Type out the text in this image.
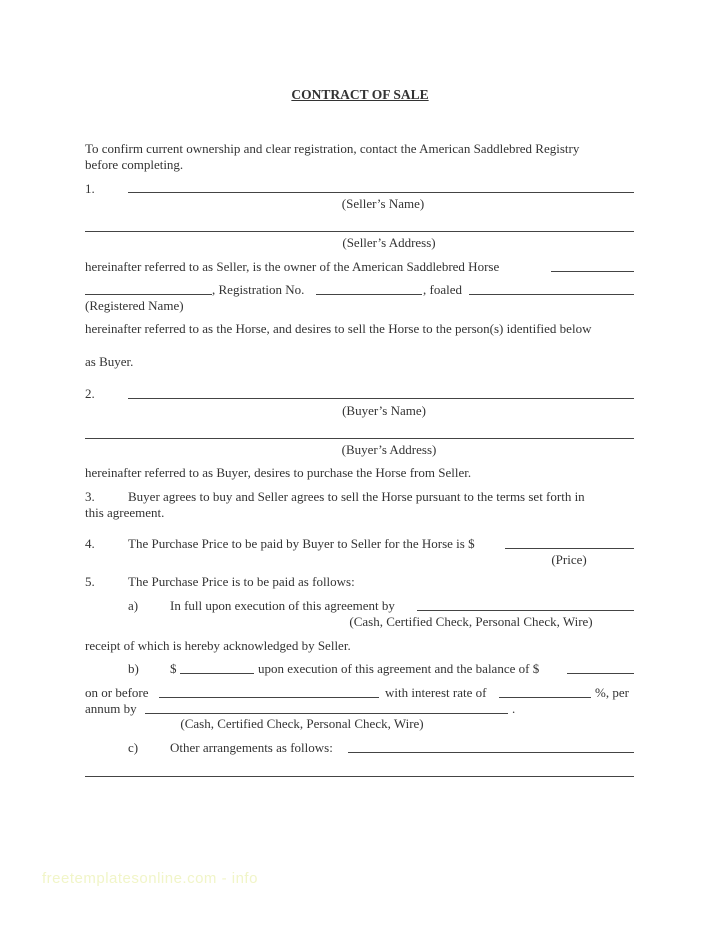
CONTRACT OF SALE
To confirm current ownership and clear registration, contact the American Saddlebred Registry
before completing.
1.
(Seller’s Name)
(Seller’s Address)
hereinafter referred to as Seller, is the owner of the American Saddlebred Horse
, Registration No.	, foaled
(Registered Name)
hereinafter referred to as the Horse, and desires to sell the Horse to the person(s) identified below
as Buyer.
2.
(Buyer’s Name)
(Buyer’s Address)
hereinafter referred to as Buyer, desires to purchase the Horse from Seller.
3.	Buyer agrees to buy and Seller agrees to sell the Horse pursuant to the terms set forth in
this agreement.
4.	The Purchase Price to be paid by Buyer to Seller for the Horse is $
(Price)
5.	The Purchase Price is to be paid as follows:
a) In full upon execution of this agreement by
(Cash, Certified Check, Personal Check, Wire)
receipt of which is hereby acknowledged by Seller.
b) $	upon execution of this agreement and the balance of $
on or before	with interest rate of	%, per
annum by	.
(Cash, Certified Check, Personal Check, Wire)
c) Other arrangements as follows:
freetemplatesonline.com - info
